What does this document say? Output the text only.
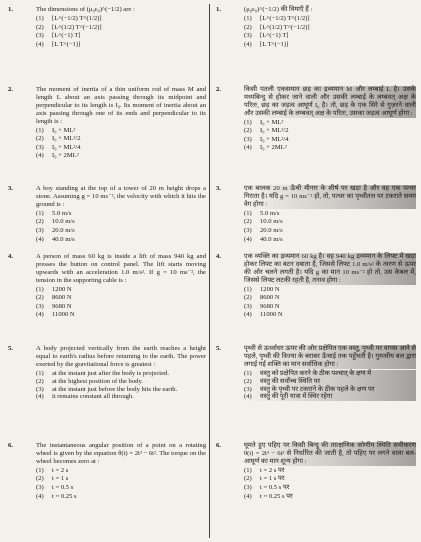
1.	The dimensions of (μ₀ε₀)^(−1/2) are :
(1) [L^(−1/2) T^(1/2)]
(2) [L^(1/2) T^(−1/2)]
(3) [L^(−1) T]
(4) [L T^(−1)]
2.	The moment of inertia of a thin uniform rod of mass M and length L about an axis passing through its midpoint and perpendicular to its length is I₀. Its moment of inertia about an axis passing through one of its ends and perpendicular to its length is :
(1) I₀ + ML²
(2) I₀ + ML²/2
(3) I₀ + ML²/4
(4) I₀ + 2ML²
3.	A boy standing at the top of a tower of 20 m height drops a stone. Assuming g = 10 ms⁻², the velocity with which it hits the ground is :
(1) 5.0 m/s
(2) 10.0 m/s
(3) 20.0 m/s
(4) 40.0 m/s
4.	A person of mass 60 kg is inside a lift of mass 940 kg and presses the button on control panel. The lift starts moving upwards with an acceleration 1.0 m/s². If g = 10 ms⁻², the tension in the supporting cable is :
(1) 1200 N
(2) 8600 N
(3) 9680 N
(4) 11000 N
5.	A body projected vertically from the earth reaches a height equal to earth's radius before returning to the earth. The power exerted by the gravitational force is greatest :
(1) at the instant just after the body is projected.
(2) at the highest position of the body.
(3) at the instant just before the body hits the earth.
(4) it remains constant all through.
6.	The instantaneous angular position of a point on a rotating wheel is given by the equation θ(t) = 2t³ − 6t². The torque on the wheel becomes zero at :
(1) t = 2 s
(2) t = 1 s
(3) t = 0.5 s
(4) t = 0.25 s
1.	(μ₀ε₀)^(−1/2) की विमाएँ हैं :
(1) [L^(−1/2) T^(1/2)]
(2) [L^(1/2) T^(−1/2)]
(3) [L^(−1) T]
(4) [L T^(−1)]
2.	किसी पतली एकसमान छड़ का द्रव्यमान M और लम्बाई L है। उसके मध्यबिन्दु से होकर जाने वाली और उसकी लम्बाई के लम्बवत् अक्ष के परितः, छड़ का जड़त्व आघूर्ण I₀ है। तो, छड़ के एक सिरे से गुज़रने वाली और उसकी लम्बाई के लम्बवत् अक्ष के परितः, उसका जड़त्व आघूर्ण होगा :
(1) I₀ + ML²
(2) I₀ + ML²/2
(3) I₀ + ML²/4
(4) I₀ + 2ML²
3.	एक बालक 20 m ऊँची मीनार के शीर्ष पर खड़ा है और वह एक पत्थर गिराता है। यदि g = 10 ms⁻² हो, तो, पत्थर का पृथ्वीतल पर टकराते समय वेग होगा :
(1) 5.0 m/s
(2) 10.0 m/s
(3) 20.0 m/s
(4) 40.0 m/s
4.	एक व्यक्ति का द्रव्यमान 60 kg है। वह 940 kg द्रव्यमान के लिफ्ट में खड़ा होकर लिफ्ट का बटन दबाता है, जिससे लिफ्ट 1.0 m/s² के त्वरण से ऊपर की ओर चलने लगती है। यदि g का मान 10 ms⁻² हो तो, उस केबल में, जिससे लिफ्ट लटकी रहती है, तनाव होगा :
(1) 1200 N
(2) 8600 N
(3) 9680 N
(4) 11000 N
5.	पृथ्वी से ऊर्ध्वाधर ऊपर की ओर प्रक्षेपित एक वस्तु, पृथ्वी पर वापस आने से पहले, पृथ्वी की त्रिज्या के बराबर ऊँचाई तक पहुँचती है। गुरुत्वीय बल द्वारा लगाई गई शक्ति का मान सर्वाधिक होगा :
(1) वस्तु को प्रक्षेपित करने के ठीक पश्चात् के क्षण में
(2) वस्तु की सर्वोच्च स्थिति पर
(3) वस्तु के पृथ्वी पर टकराने के ठीक पहले के क्षण पर
(4) वस्तु की पूरी यात्रा में स्थिर रहेगा
6.	घूमते हुए पहिए पर किसी बिन्दु की तात्क्षणिक कोणीय स्थिति समीकरण θ(t) = 2t³ − 6t² से निर्धारित की जाती है, तो पहिए पर लगने वाला बल-आघूर्ण का मान शून्य होगा :
(1) t = 2 s पर
(2) t = 1 s पर
(3) t = 0.5 s पर
(4) t = 0.25 s पर
